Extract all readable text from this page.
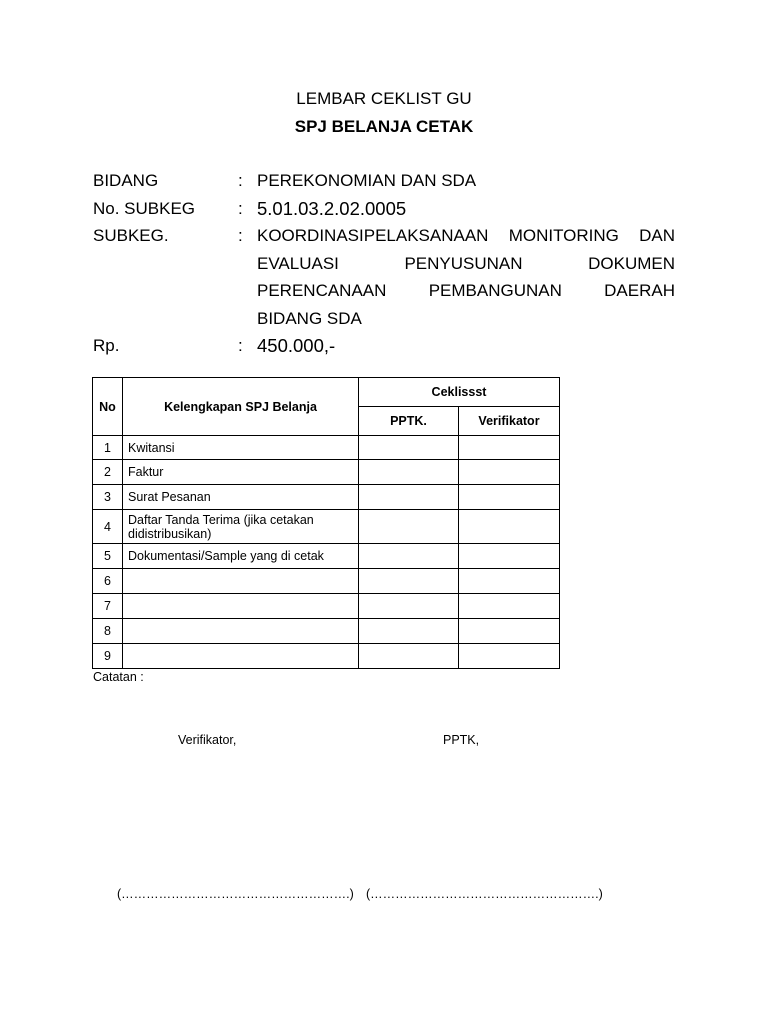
LEMBAR CEKLIST GU
SPJ BELANJA CETAK
BIDANG	: PEREKONOMIAN DAN SDA
No. SUBKEG	: 5.01.03.2.02.0005
SUBKEG.	: KOORDINASIPELAKSANAAN MONITORING DAN
EVALUASI PENYUSUNAN DOKUMEN
PERENCANAAN PEMBANGUNAN DAERAH
BIDANG SDA
Rp.	: 450.000,-
No	Kelengkapan SPJ Belanja	Ceklissst	
		PPTK.	Verifikator
1	Kwitansi		
2	Faktur		
3	Surat Pesanan		
4	Daftar Tanda Terima (jika cetakan didistribusikan)		
5	Dokumentasi/Sample yang di cetak		
6			
7			
8			
9			
Catatan :
Verifikator,	PPTK,
(……………………………………………….) (……………………………………………….)
